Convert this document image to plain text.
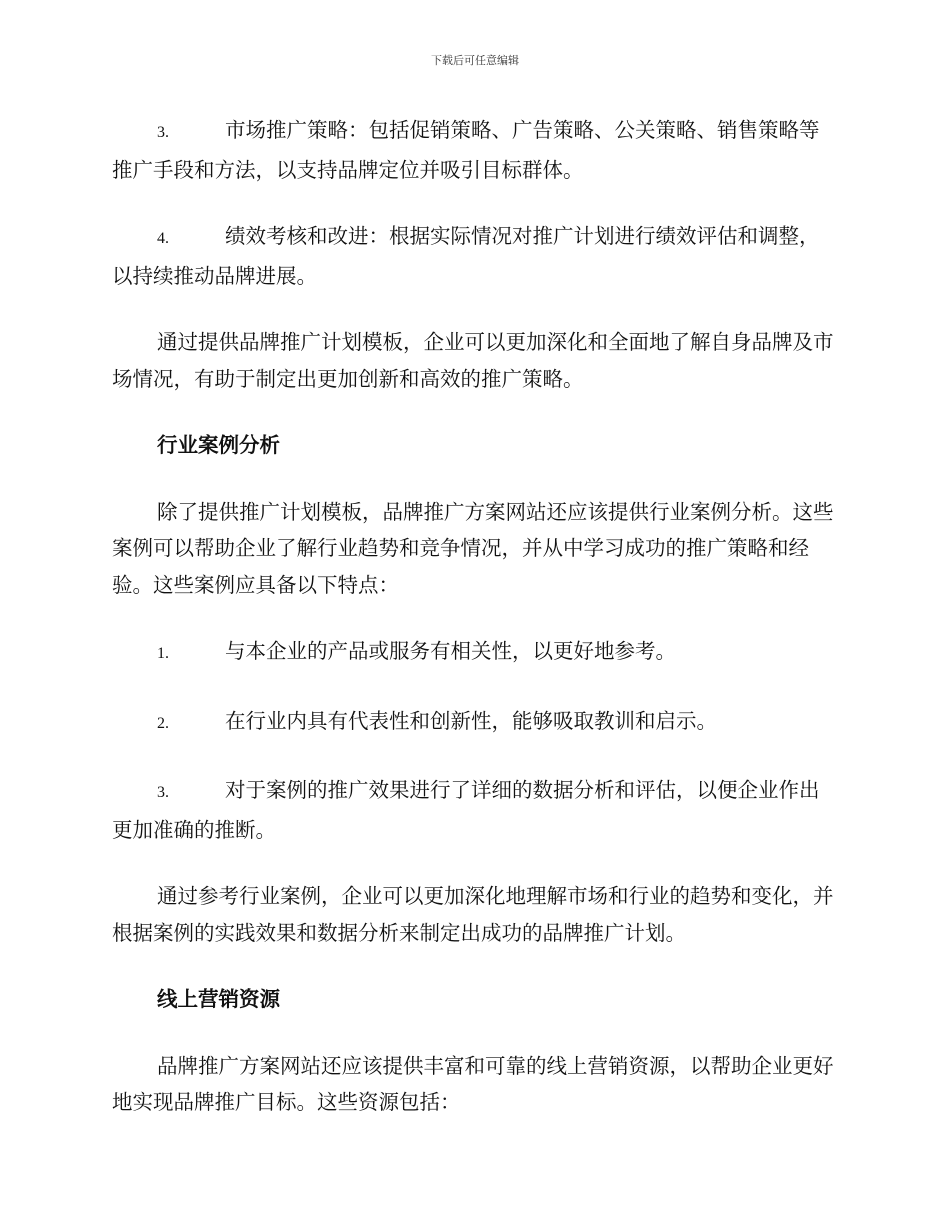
下载后可任意编辑

3.	市场推广策略：包括促销策略、广告策略、公关策略、销售策略等推广手段和方法，以支持品牌定位并吸引目标群体。

4.	绩效考核和改进：根据实际情况对推广计划进行绩效评估和调整，以持续推动品牌进展。

通过提供品牌推广计划模板，企业可以更加深化和全面地了解自身品牌及市场情况，有助于制定出更加创新和高效的推广策略。

行业案例分析

除了提供推广计划模板，品牌推广方案网站还应该提供行业案例分析。这些案例可以帮助企业了解行业趋势和竞争情况，并从中学习成功的推广策略和经验。这些案例应具备以下特点：

1.	与本企业的产品或服务有相关性，以更好地参考。

2.	在行业内具有代表性和创新性，能够吸取教训和启示。

3.	对于案例的推广效果进行了详细的数据分析和评估，以便企业作出更加准确的推断。

通过参考行业案例，企业可以更加深化地理解市场和行业的趋势和变化，并根据案例的实践效果和数据分析来制定出成功的品牌推广计划。

线上营销资源

品牌推广方案网站还应该提供丰富和可靠的线上营销资源，以帮助企业更好地实现品牌推广目标。这些资源包括：
